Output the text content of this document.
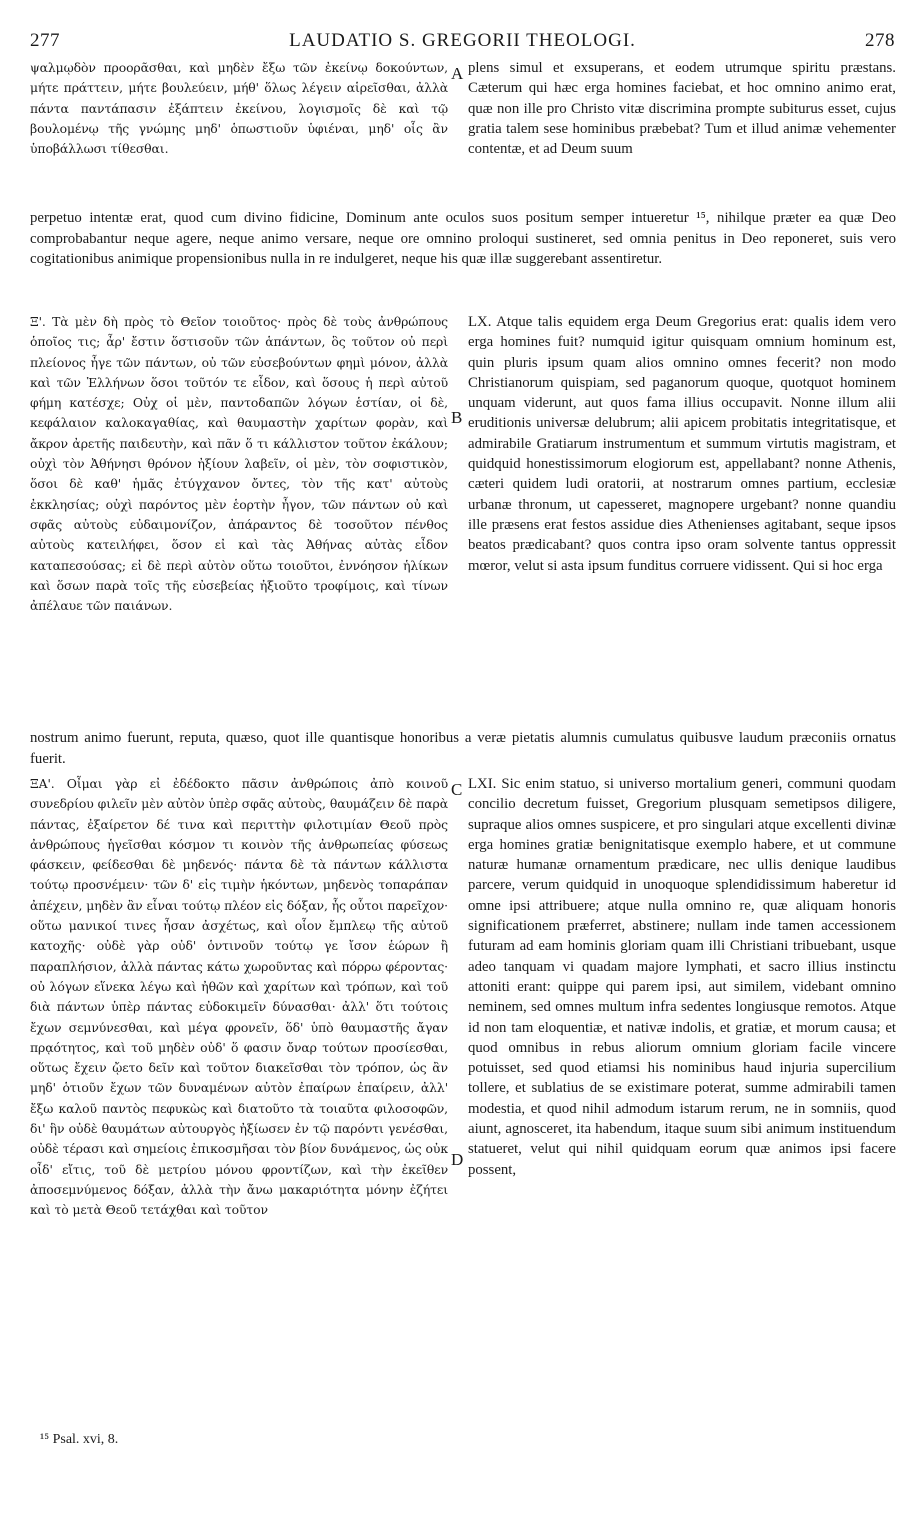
277	LAUDATIO S. GREGORII THEOLOGI.	278

ψαλμῳδὸν προορᾶσθαι, καὶ μηδὲν ἔξω τῶν ἐκείνῳ δοκούντων, μήτε πράττειν, μήτε βουλεύειν, μήθ' ὅλως λέγειν αἱρεῖσθαι, ἀλλὰ πάντα παντάπασιν ἐξάπτειν ἐκείνου, λογισμοῖς δὲ καὶ τῷ βουλομένῳ τῆς γνώμης μηδ' ὁπωστιοῦν ὑφιέναι, μηδ' οἷς ἂν ὑποβάλλωσι τίθεσθαι.

A plens simul et exsuperans, et eodem utrumque spiritu præstans. Cæterum qui hæc erga homines faciebat, et hoc omnino animo erat, quæ non ille pro Christo vitæ discrimina prompte subiturus esset, cujus gratia talem sese hominibus præbebat? Tum et illud animæ vehementer contentæ, et ad Deum suum

perpetuo intentæ erat, quod cum divino fidicine, Dominum ante oculos suos positum semper intueretur ¹⁵, nihilque præter ea quæ Deo comprobabantur neque agere, neque animo versare, neque ore omnino proloqui sustineret, sed omnia penitus in Deo reponeret, suis vero cogitationibus animique propensionibus nulla in re indulgeret, neque his quæ illæ suggerebant assentiretur.

Ξ'. Τὰ μὲν δὴ πρὸς τὸ Θεῖον τοιοῦτος· πρὸς δὲ τοὺς ἀνθρώπους ὁποῖος τις; ἆρ' ἔστιν ὅστισοῦν τῶν ἁπάντων, ὃς τοῦτον οὐ περὶ πλείονος ἦγε τῶν πάντων, οὐ τῶν εὐσεβούντων φημὶ μόνον, ἀλλὰ καὶ τῶν Ἑλλήνων ὅσοι τοῦτόν τε εἶδον, καὶ ὅσους ἡ περὶ αὐτοῦ φήμη κατέσχε; Οὐχ οἱ μὲν, παντοδαπῶν λόγων ἑστίαν, οἱ δὲ, κεφάλαιον καλοκαγαθίας, καὶ θαυμαστὴν χαρίτων φορὰν, καὶ ἄκρον ἀρετῆς παιδευτὴν, καὶ πᾶν ὅ τι κάλλιστον τοῦτον ἐκάλουν; οὐχὶ τὸν Ἀθήνησι θρόνον ἠξίουν λαβεῖν, οἱ μὲν, τὸν σοφιστικὸν, ὅσοι δὲ καθ' ἡμᾶς ἐτύγχανον ὄντες, τὸν τῆς κατ' αὐτοὺς ἐκκλησίας; οὐχὶ παρόντος μὲν ἑορτὴν ἦγον, τῶν πάντων οὐ καὶ σφᾶς αὐτοὺς εὐδαιμονίζον, ἀπάραντος δὲ τοσοῦτον πένθος αὐτοὺς κατειλήφει, ὅσον εἰ καὶ τὰς Ἀθήνας αὐτὰς εἶδον καταπεσούσας; εἰ δὲ περὶ αὐτὸν οὕτω τοιοῦτοι, ἐννόησον ἡλίκων καὶ ὅσων παρὰ τοῖς τῆς εὐσεβείας ἠξιοῦτο τροφίμοις, καὶ τίνων ἀπέλαυε τῶν παιάνων.

B

LX. Atque talis equidem erga Deum Gregorius erat: qualis idem vero erga homines fuit? numquid igitur quisquam omnium hominum est, quin pluris ipsum quam alios omnino omnes fecerit? non modo Christianorum quispiam, sed paganorum quoque, quotquot hominem unquam viderunt, aut quos fama illius occupavit. Nonne illum alii eruditionis universæ delubrum; alii apicem probitatis integritatisque, et admirabile Gratiarum instrumentum et summum virtutis magistram, et quidquid honestissimorum elogiorum est, appellabant? nonne Athenis, cæteri quidem ludi oratorii, at nostrarum omnes partium, ecclesiæ urbanæ thronum, ut capesseret, magnopere urgebant? nonne quandiu ille præsens erat festos assidue dies Athenienses agitabant, seque ipsos beatos prædicabant? quos contra ipso oram solvente tantus oppressit mœror, velut si asta ipsum funditus corruere vidissent. Qui si hoc erga

nostrum animo fuerunt, reputa, quæso, quot ille quantisque honoribus a veræ pietatis alumnis cumulatus quibusve laudum præconiis ornatus fuerit.

ΞΑ'. Οἶμαι γὰρ εἰ ἐδέδοκτο πᾶσιν ἀνθρώποις ἀπὸ κοινοῦ συνεδρίου φιλεῖν μὲν αὐτὸν ὑπὲρ σφᾶς αὐτοὺς, θαυμάζειν δὲ παρὰ πάντας, ἐξαίρετον δέ τινα καὶ περιττὴν φιλοτιμίαν Θεοῦ πρὸς ἀνθρώπους ἡγεῖσθαι κόσμον τι κοινὸν τῆς ἀνθρωπείας φύσεως φάσκειν, φείδεσθαι δὲ μηδενός· πάντα δὲ τὰ πάντων κάλλιστα τούτῳ προσνέμειν· τῶν δ' εἰς τιμὴν ἡκόντων, μηδενὸς τοπαράπαν ἀπέχειν, μηδὲν ἂν εἶναι τούτῳ πλέον εἰς δόξαν, ἧς οὗτοι παρεῖχον· οὕτω μανικοί τινες ἦσαν ἀσχέτως, καὶ οἷον ἔμπλεῳ τῆς αὐτοῦ κατοχῆς· οὐδὲ γὰρ οὐδ' ὁντινοῦν τούτῳ γε ἴσον ἑώρων ἢ παραπλήσιον, ἀλλὰ πάντας κάτω χωροῦντας καὶ πόρρω φέροντας· οὐ λόγων εἵνεκα λέγω καὶ ἠθῶν καὶ χαρίτων καὶ τρόπων, καὶ τοῦ διὰ πάντων ὑπὲρ πάντας εὐδοκιμεῖν δύνασθαι· ἀλλ' ὅτι τούτοις ἔχων σεμνύνεσθαι, καὶ μέγα φρονεῖν, ὅδ' ὑπὸ θαυμαστῆς ἄγαν πρᾳότητος, καὶ τοῦ μηδὲν οὐδ' ὅ φασιν ὄναρ τούτων προσίεσθαι, οὕτως ἔχειν ᾤετο δεῖν καὶ τοῦτον διακεῖσθαι τὸν τρόπον, ὡς ἂν μηδ' ὁτιοῦν ἔχων τῶν δυναμένων αὐτὸν ἐπαίρων ἐπαίρειν, ἀλλ' ἔξω καλοῦ παντὸς πεφυκὼς καὶ διατοῦτο τὰ τοιαῦτα φιλοσοφῶν, δι' ἣν οὐδὲ θαυμάτων αὐτουργὸς ἠξίωσεν ἐν τῷ παρόντι γενέσθαι, οὐδὲ τέρασι καὶ σημείοις ἐπικοσμῆσαι τὸν βίον δυνάμενος, ὡς οὐκ οἶδ' εἴτις, τοῦ δὲ μετρίου μόνου φροντίζων, καὶ τὴν ἐκεῖθεν ἀποσεμνύμενος δόξαν, ἀλλὰ τὴν ἄνω μακαριότητα μόνην ἐζήτει καὶ τὸ μετὰ Θεοῦ τετάχθαι καὶ τοῦτον

C
D

LXI. Sic enim statuo, si universo mortalium generi, communi quodam concilio decretum fuisset, Gregorium plusquam semetipsos diligere, supraque alios omnes suspicere, et pro singulari atque excellenti divinæ erga homines gratiæ benignitatisque exemplo habere, et ut commune naturæ humanæ ornamentum prædicare, nec ullis denique laudibus parcere, verum quidquid in unoquoque splendidissimum haberetur id omne ipsi attribuere; atque nulla omnino re, quæ aliquam honoris significationem præferret, abstinere; nullam inde tamen accessionem futuram ad eam hominis gloriam quam illi Christiani tribuebant, usque adeo tanquam vi quadam majore lymphati, et sacro illius instinctu attoniti erant: quippe qui parem ipsi, aut similem, videbant omnino neminem, sed omnes multum infra sedentes longiusque remotos. Atque id non tam eloquentiæ, et nativæ indolis, et gratiæ, et morum causa; et quod omnibus in rebus aliorum omnium gloriam facile vincere potuisset, sed quod etiamsi his nominibus haud injuria supercilium tollere, et sublatius de se existimare poterat, summe admirabili tamen modestia, et quod nihil admodum istarum rerum, ne in somniis, quod aiunt, agnosceret, ita habendum, itaque suum sibi animum instituendum statueret, velut qui nihil quidquam eorum quæ animos ipsi facere possent,

¹⁵ Psal. xvi, 8.
